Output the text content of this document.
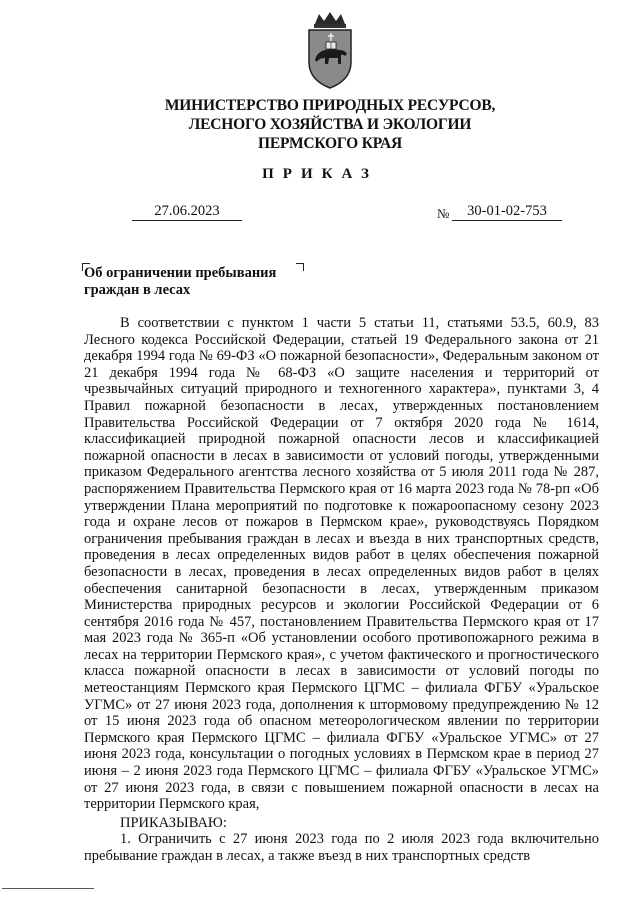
МИНИСТЕРСТВО ПРИРОДНЫХ РЕСУРСОВ,
ЛЕСНОГО ХОЗЯЙСТВА И ЭКОЛОГИИ
ПЕРМСКОГО КРАЯ
ПРИКАЗ
27.06.2023	№	30-01-02-753
Об ограничении пребывания
граждан в лесах

В соответствии с пунктом 1 части 5 статьи 11, статьями 53.5, 60.9, 83 Лесного кодекса Российской Федерации, статьей 19 Федерального закона от 21 декабря 1994 года № 69-ФЗ «О пожарной безопасности», Федеральным законом от 21 декабря 1994 года № 68-ФЗ «О защите населения и территорий от чрезвычайных ситуаций природного и техногенного характера», пунктами 3, 4 Правил пожарной безопасности в лесах, утвержденных постановлением Правительства Российской Федерации от 7 октября 2020 года № 1614, классификацией природной пожарной опасности лесов и классификацией пожарной опасности в лесах в зависимости от условий погоды, утвержденными приказом Федерального агентства лесного хозяйства от 5 июля 2011 года № 287, распоряжением Правительства Пермского края от 16 марта 2023 года № 78-рп «Об утверждении Плана мероприятий по подготовке к пожароопасному сезону 2023 года и охране лесов от пожаров в Пермском крае», руководствуясь Порядком ограничения пребывания граждан в лесах и въезда в них транспортных средств, проведения в лесах определенных видов работ в целях обеспечения пожарной безопасности в лесах, проведения в лесах определенных видов работ в целях обеспечения санитарной безопасности в лесах, утвержденным приказом Министерства природных ресурсов и экологии Российской Федерации от 6 сентября 2016 года № 457, постановлением Правительства Пермского края от 17 мая 2023 года № 365-п «Об установлении особого противопожарного режима в лесах на территории Пермского края», с учетом фактического и прогностического класса пожарной опасности в лесах в зависимости от условий погоды по метеостанциям Пермского края Пермского ЦГМС – филиала ФГБУ «Уральское УГМС» от 27 июня 2023 года, дополнения к штормовому предупреждению № 12 от 15 июня 2023 года об опасном метеорологическом явлении по территории Пермского края Пермского ЦГМС – филиала ФГБУ «Уральское УГМС» от 27 июня 2023 года, консультации о погодных условиях в Пермском крае в период 27 июня – 2 июня 2023 года Пермского ЦГМС – филиала ФГБУ «Уральское УГМС» от 27 июня 2023 года, в связи с повышением пожарной опасности в лесах на территории Пермского края,

ПРИКАЗЫВАЮ:

1. Ограничить с 27 июня 2023 года по 2 июля 2023 года включительно пребывание граждан в лесах, а также въезд в них транспортных средств
